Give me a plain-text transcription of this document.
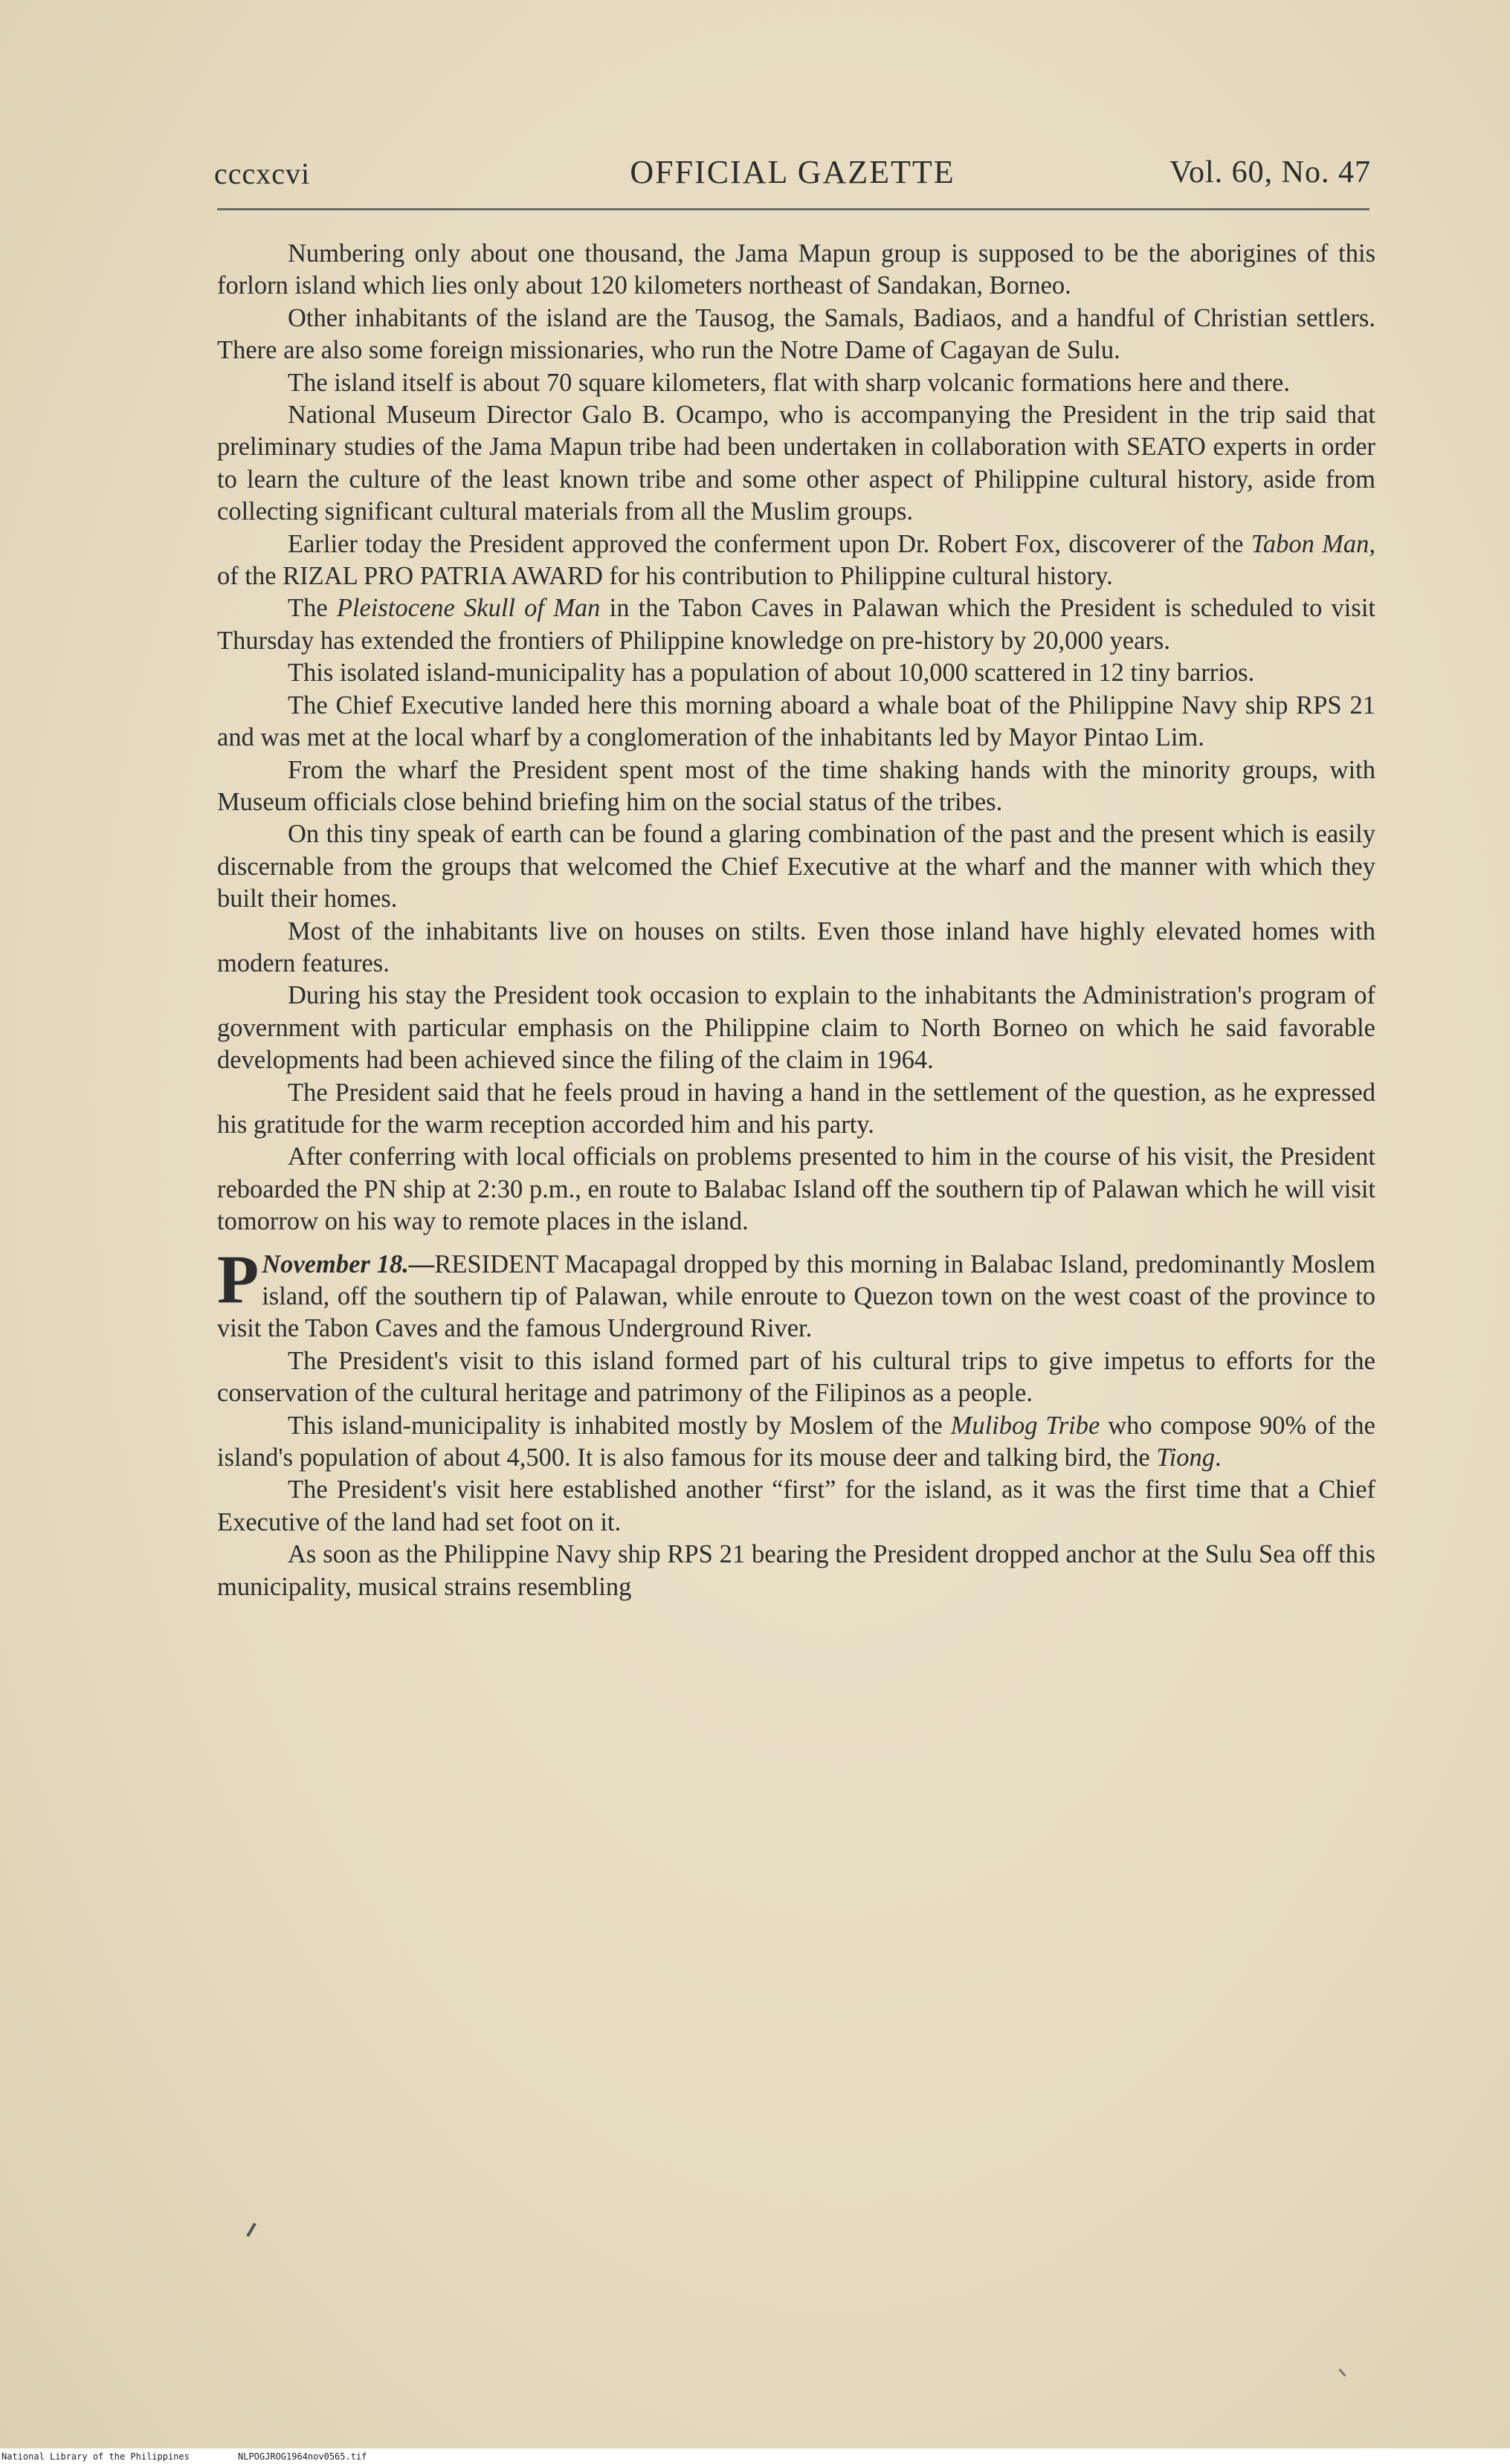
cccxcvi	OFFICIAL GAZETTE	Vol. 60, No. 47

Numbering only about one thousand, the Jama Mapun group is supposed to be the aborigines of this forlorn island which lies only about 120 kilometers northeast of Sandakan, Borneo.

Other inhabitants of the island are the Tausog, the Samals, Badiaos, and a handful of Christian settlers. There are also some foreign missionaries, who run the Notre Dame of Cagayan de Sulu.

The island itself is about 70 square kilometers, flat with sharp volcanic formations here and there.

National Museum Director Galo B. Ocampo, who is accompanying the President in the trip said that preliminary studies of the Jama Mapun tribe had been undertaken in collaboration with SEATO experts in order to learn the culture of the least known tribe and some other aspect of Philippine cultural history, aside from collecting significant cultural materials from all the Muslim groups.

Earlier today the President approved the conferment upon Dr. Robert Fox, discoverer of the Tabon Man, of the RIZAL PRO PATRIA AWARD for his contribution to Philippine cultural history.

The Pleistocene Skull of Man in the Tabon Caves in Palawan which the President is scheduled to visit Thursday has extended the frontiers of Philippine knowledge on pre-history by 20,000 years.

This isolated island-municipality has a population of about 10,000 scattered in 12 tiny barrios.

The Chief Executive landed here this morning aboard a whale boat of the Philippine Navy ship RPS 21 and was met at the local wharf by a conglomeration of the inhabitants led by Mayor Pintao Lim.

From the wharf the President spent most of the time shaking hands with the minority groups, with Museum officials close behind briefing him on the social status of the tribes.

On this tiny speak of earth can be found a glaring combination of the past and the present which is easily discernable from the groups that welcomed the Chief Executive at the wharf and the manner with which they built their homes.

Most of the inhabitants live on houses on stilts. Even those inland have highly elevated homes with modern features.

During his stay the President took occasion to explain to the inhabitants the Administration's program of government with particular emphasis on the Philippine claim to North Borneo on which he said favorable developments had been achieved since the filing of the claim in 1964.

The President said that he feels proud in having a hand in the settlement of the question, as he expressed his gratitude for the warm reception accorded him and his party.

After conferring with local officials on problems presented to him in the course of his visit, the President reboarded the PN ship at 2:30 p.m., en route to Balabac Island off the southern tip of Palawan which he will visit tomorrow on his way to remote places in the island.

November 18.—
P	RESIDENT Macapagal dropped by this morning in Balabac Island, predominantly Moslem island, off the southern tip of Palawan, while enroute to Quezon town on the west coast of the province to visit the Tabon Caves and the famous Underground River.

The President's visit to this island formed part of his cultural trips to give impetus to efforts for the conservation of the cultural heritage and patrimony of the Filipinos as a people.

This island-municipality is inhabited mostly by Moslem of the Mulibog Tribe who compose 90% of the island's population of about 4,500. It is also famous for its mouse deer and talking bird, the Tiong.

The President's visit here established another “first” for the island, as it was the first time that a Chief Executive of the land had set foot on it.

As soon as the Philippine Navy ship RPS 21 bearing the President dropped anchor at the Sulu Sea off this municipality, musical strains resembling

National Library of the Philippines	NLPOGJROG1964nov0565.tif
